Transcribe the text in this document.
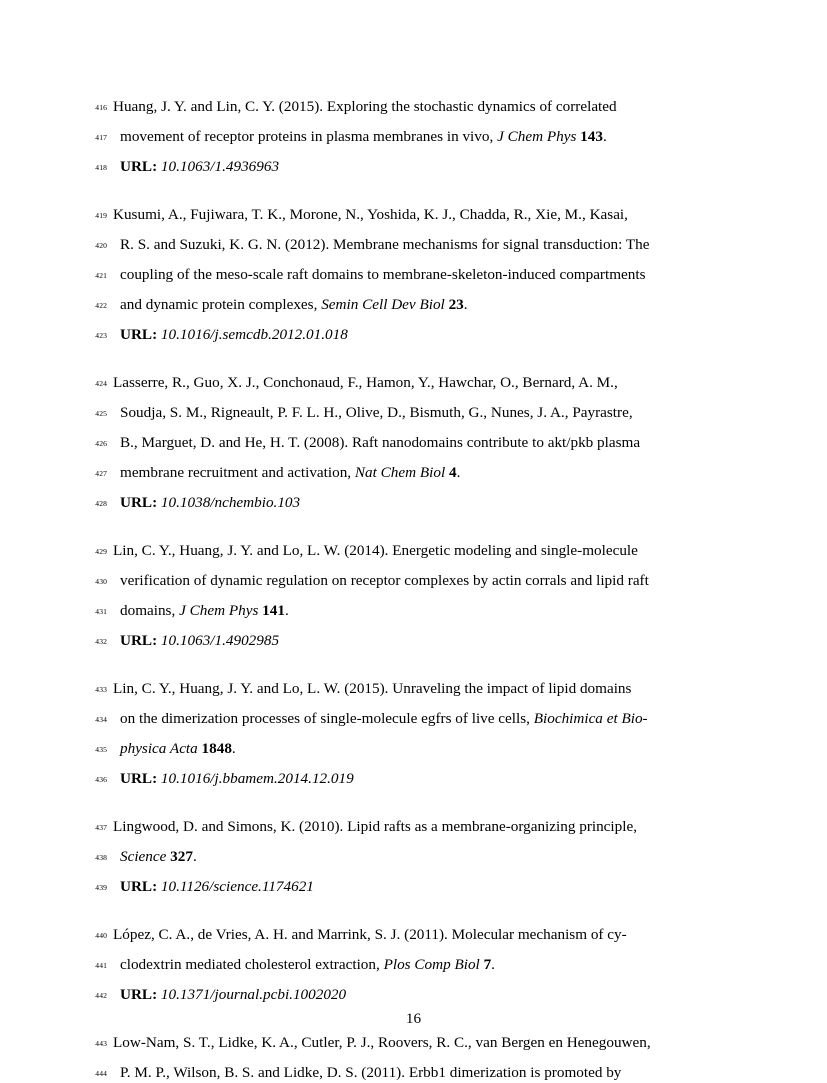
416 Huang, J. Y. and Lin, C. Y. (2015). Exploring the stochastic dynamics of correlated
417 movement of receptor proteins in plasma membranes in vivo, J Chem Phys 143.
418 URL: 10.1063/1.4936963
419 Kusumi, A., Fujiwara, T. K., Morone, N., Yoshida, K. J., Chadda, R., Xie, M., Kasai,
420 R. S. and Suzuki, K. G. N. (2012). Membrane mechanisms for signal transduction: The
421 coupling of the meso-scale raft domains to membrane-skeleton-induced compartments
422 and dynamic protein complexes, Semin Cell Dev Biol 23.
423 URL: 10.1016/j.semcdb.2012.01.018
424 Lasserre, R., Guo, X. J., Conchonaud, F., Hamon, Y., Hawchar, O., Bernard, A. M.,
425 Soudja, S. M., Rigneault, P. F. L. H., Olive, D., Bismuth, G., Nunes, J. A., Payrastre,
426 B., Marguet, D. and He, H. T. (2008). Raft nanodomains contribute to akt/pkb plasma
427 membrane recruitment and activation, Nat Chem Biol 4.
428 URL: 10.1038/nchembio.103
429 Lin, C. Y., Huang, J. Y. and Lo, L. W. (2014). Energetic modeling and single-molecule
430 verification of dynamic regulation on receptor complexes by actin corrals and lipid raft
431 domains, J Chem Phys 141.
432 URL: 10.1063/1.4902985
433 Lin, C. Y., Huang, J. Y. and Lo, L. W. (2015). Unraveling the impact of lipid domains
434 on the dimerization processes of single-molecule egfrs of live cells, Biochimica et Bio-
435 physica Acta 1848.
436 URL: 10.1016/j.bbamem.2014.12.019
437 Lingwood, D. and Simons, K. (2010). Lipid rafts as a membrane-organizing principle,
438 Science 327.
439 URL: 10.1126/science.1174621
440 López, C. A., de Vries, A. H. and Marrink, S. J. (2011). Molecular mechanism of cy-
441 clodextrin mediated cholesterol extraction, Plos Comp Biol 7.
442 URL: 10.1371/journal.pcbi.1002020
443 Low-Nam, S. T., Lidke, K. A., Cutler, P. J., Roovers, R. C., van Bergen en Henegouwen,
444 P. M. P., Wilson, B. S. and Lidke, D. S. (2011). Erbb1 dimerization is promoted by
16
